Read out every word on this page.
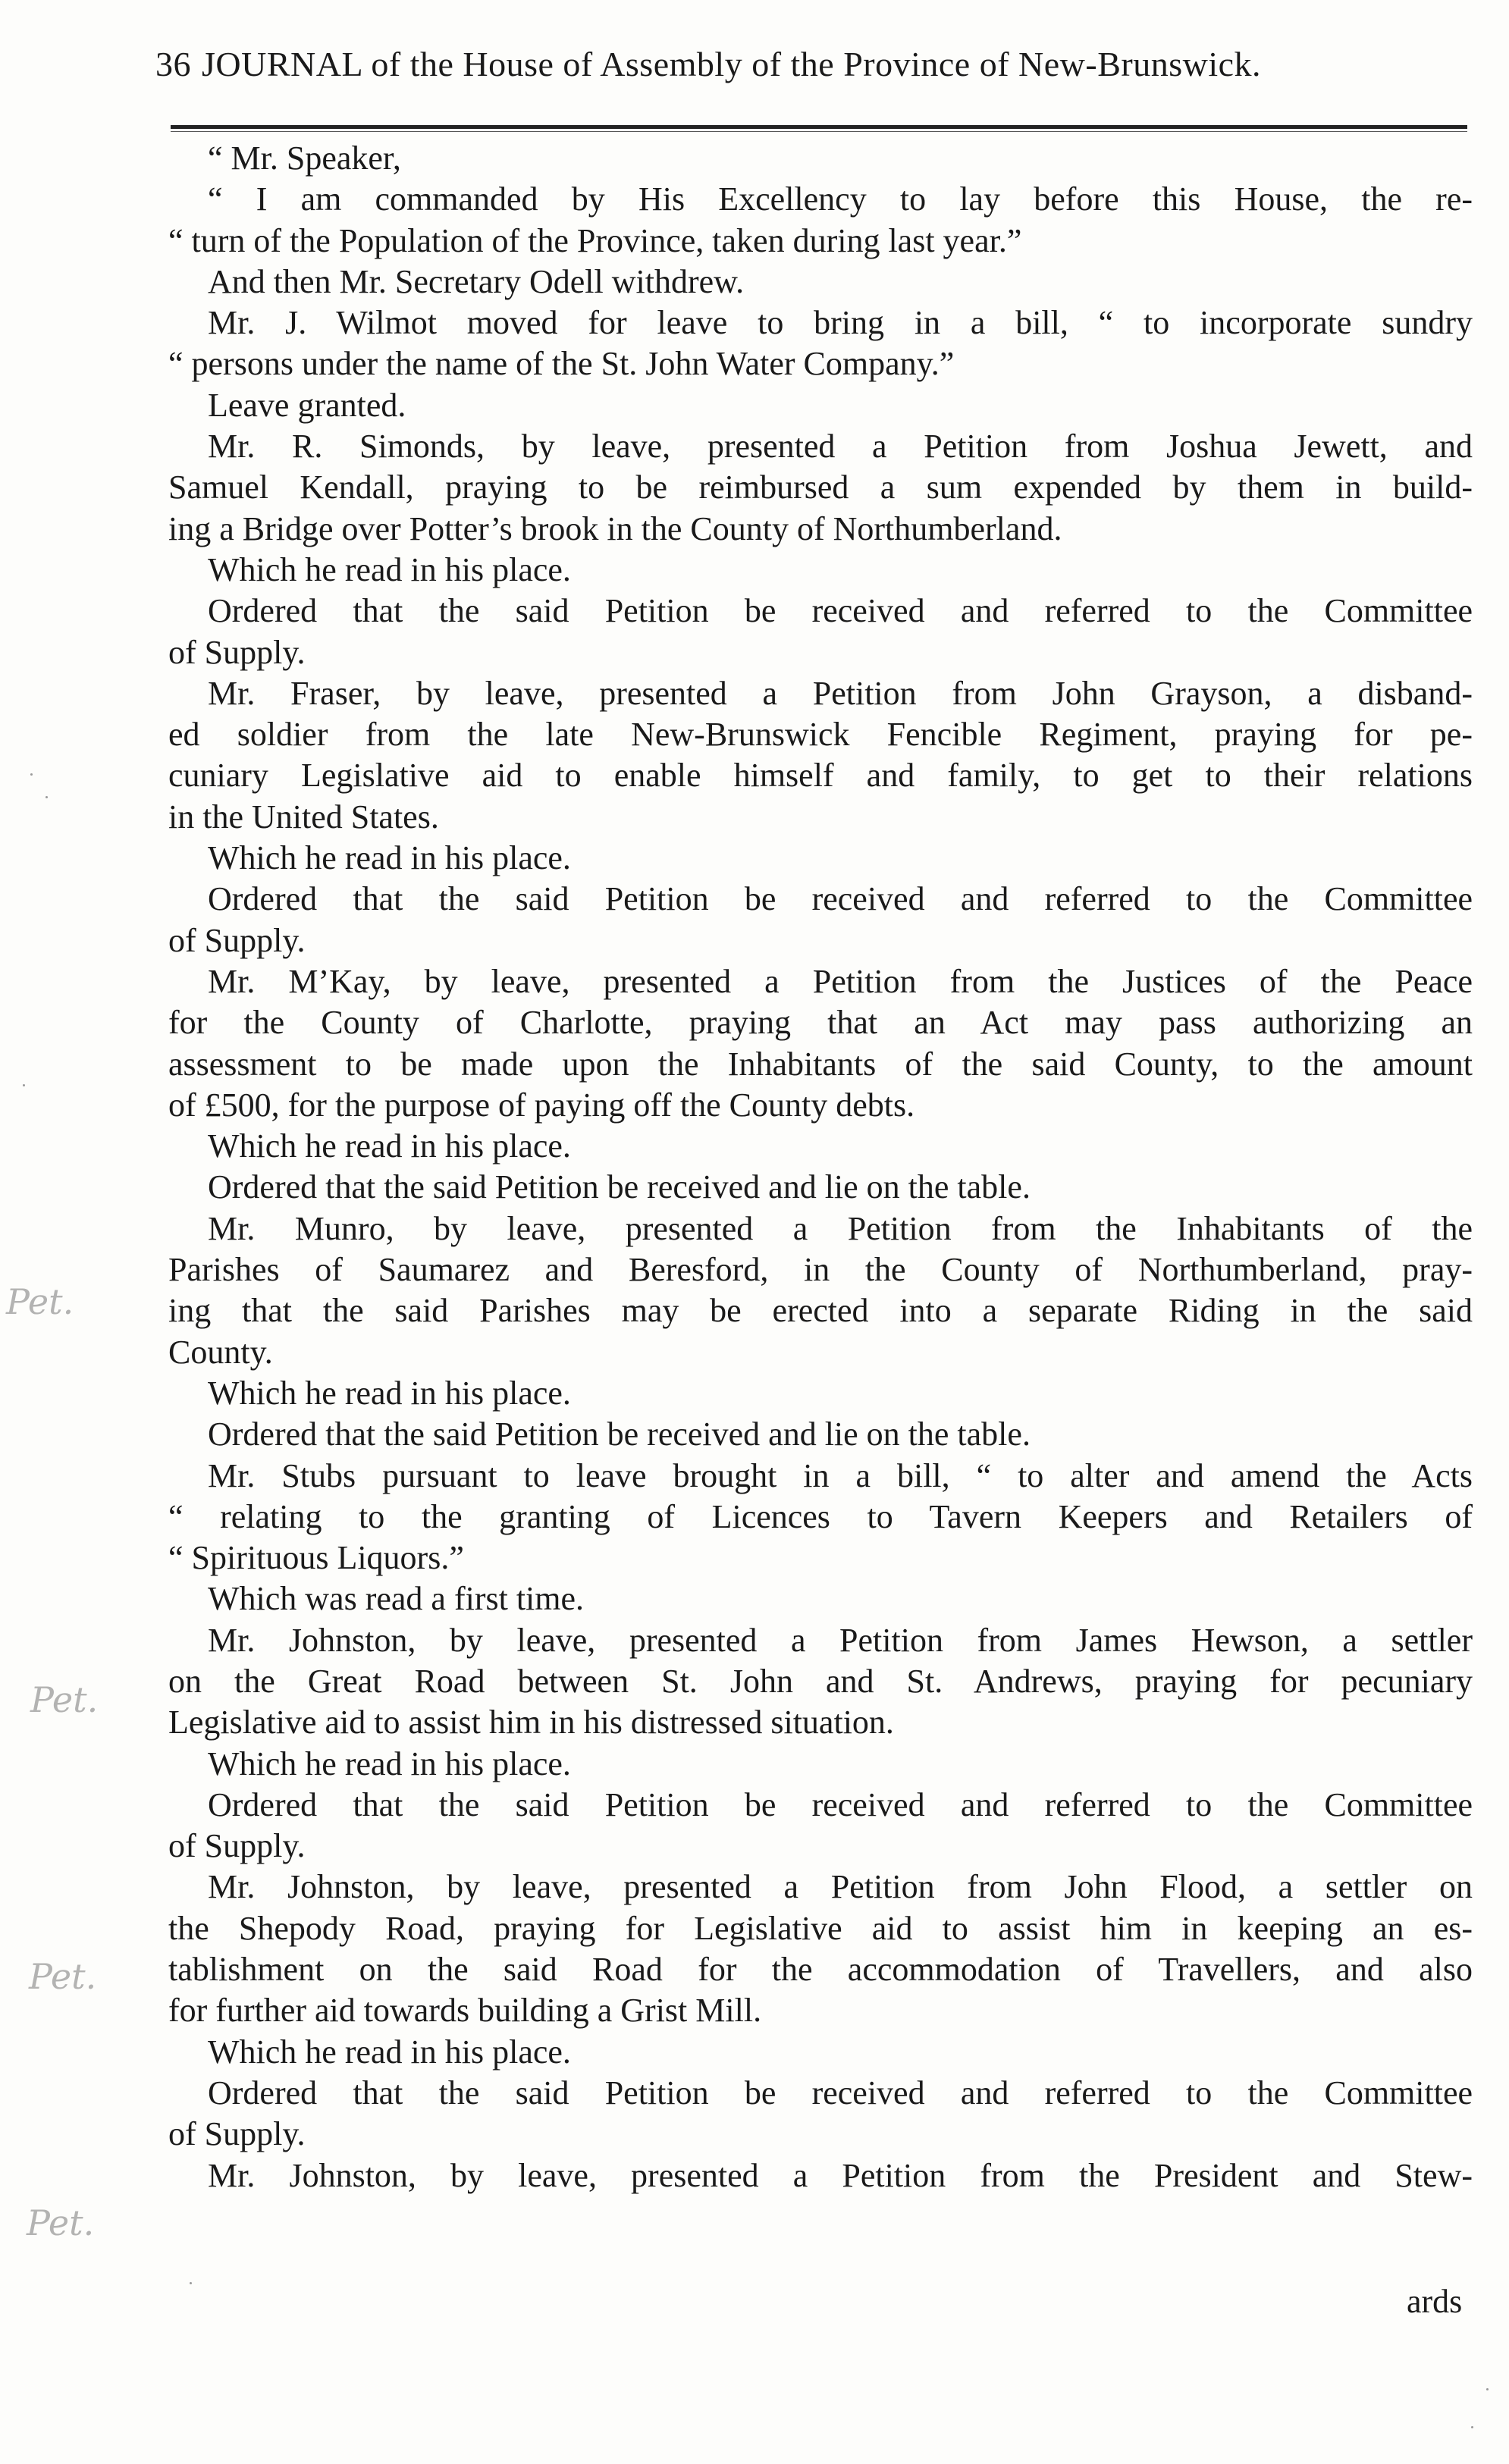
36 JOURNAL of the House of Assembly of the Province of New-Brunswick.
“ Mr. Speaker,
“ I am commanded by His Excellency to lay before this House, the re-
“ turn of the Population of the Province, taken during last year.”
And then Mr. Secretary Odell withdrew.
Mr. J. Wilmot moved for leave to bring in a bill, “ to incorporate sundry
“ persons under the name of the St. John Water Company.”
Leave granted.
Mr. R. Simonds, by leave, presented a Petition from Joshua Jewett, and
Samuel Kendall, praying to be reimbursed a sum expended by them in build-
ing a Bridge over Potter’s brook in the County of Northumberland.
Which he read in his place.
Ordered that the said Petition be received and referred to the Committee
of Supply.
Mr. Fraser, by leave, presented a Petition from John Grayson, a disband-
ed soldier from the late New-Brunswick Fencible Regiment, praying for pe-
cuniary Legislative aid to enable himself and family, to get to their relations
in the United States.
Which he read in his place.
Ordered that the said Petition be received and referred to the Committee
of Supply.
Mr. M’Kay, by leave, presented a Petition from the Justices of the Peace
for the County of Charlotte, praying that an Act may pass authorizing an
assessment to be made upon the Inhabitants of the said County, to the amount
of £500, for the purpose of paying off the County debts.
Which he read in his place.
Ordered that the said Petition be received and lie on the table.
Mr. Munro, by leave, presented a Petition from the Inhabitants of the
Parishes of Saumarez and Beresford, in the County of Northumberland, pray-
ing that the said Parishes may be erected into a separate Riding in the said
County.
Which he read in his place.
Ordered that the said Petition be received and lie on the table.
Mr. Stubs pursuant to leave brought in a bill, “ to alter and amend the Acts
“ relating to the granting of Licences to Tavern Keepers and Retailers of
“ Spirituous Liquors.”
Which was read a first time.
Mr. Johnston, by leave, presented a Petition from James Hewson, a settler
on the Great Road between St. John and St. Andrews, praying for pecuniary
Legislative aid to assist him in his distressed situation.
Which he read in his place.
Ordered that the said Petition be received and referred to the Committee
of Supply.
Mr. Johnston, by leave, presented a Petition from John Flood, a settler on
the Shepody Road, praying for Legislative aid to assist him in keeping an es-
tablishment on the said Road for the accommodation of Travellers, and also
for further aid towards building a Grist Mill.
Which he read in his place.
Ordered that the said Petition be received and referred to the Committee
of Supply.
Mr. Johnston, by leave, presented a Petition from the President and Stew-
ards
Pet.
Pet.
Pet.
Pet.
